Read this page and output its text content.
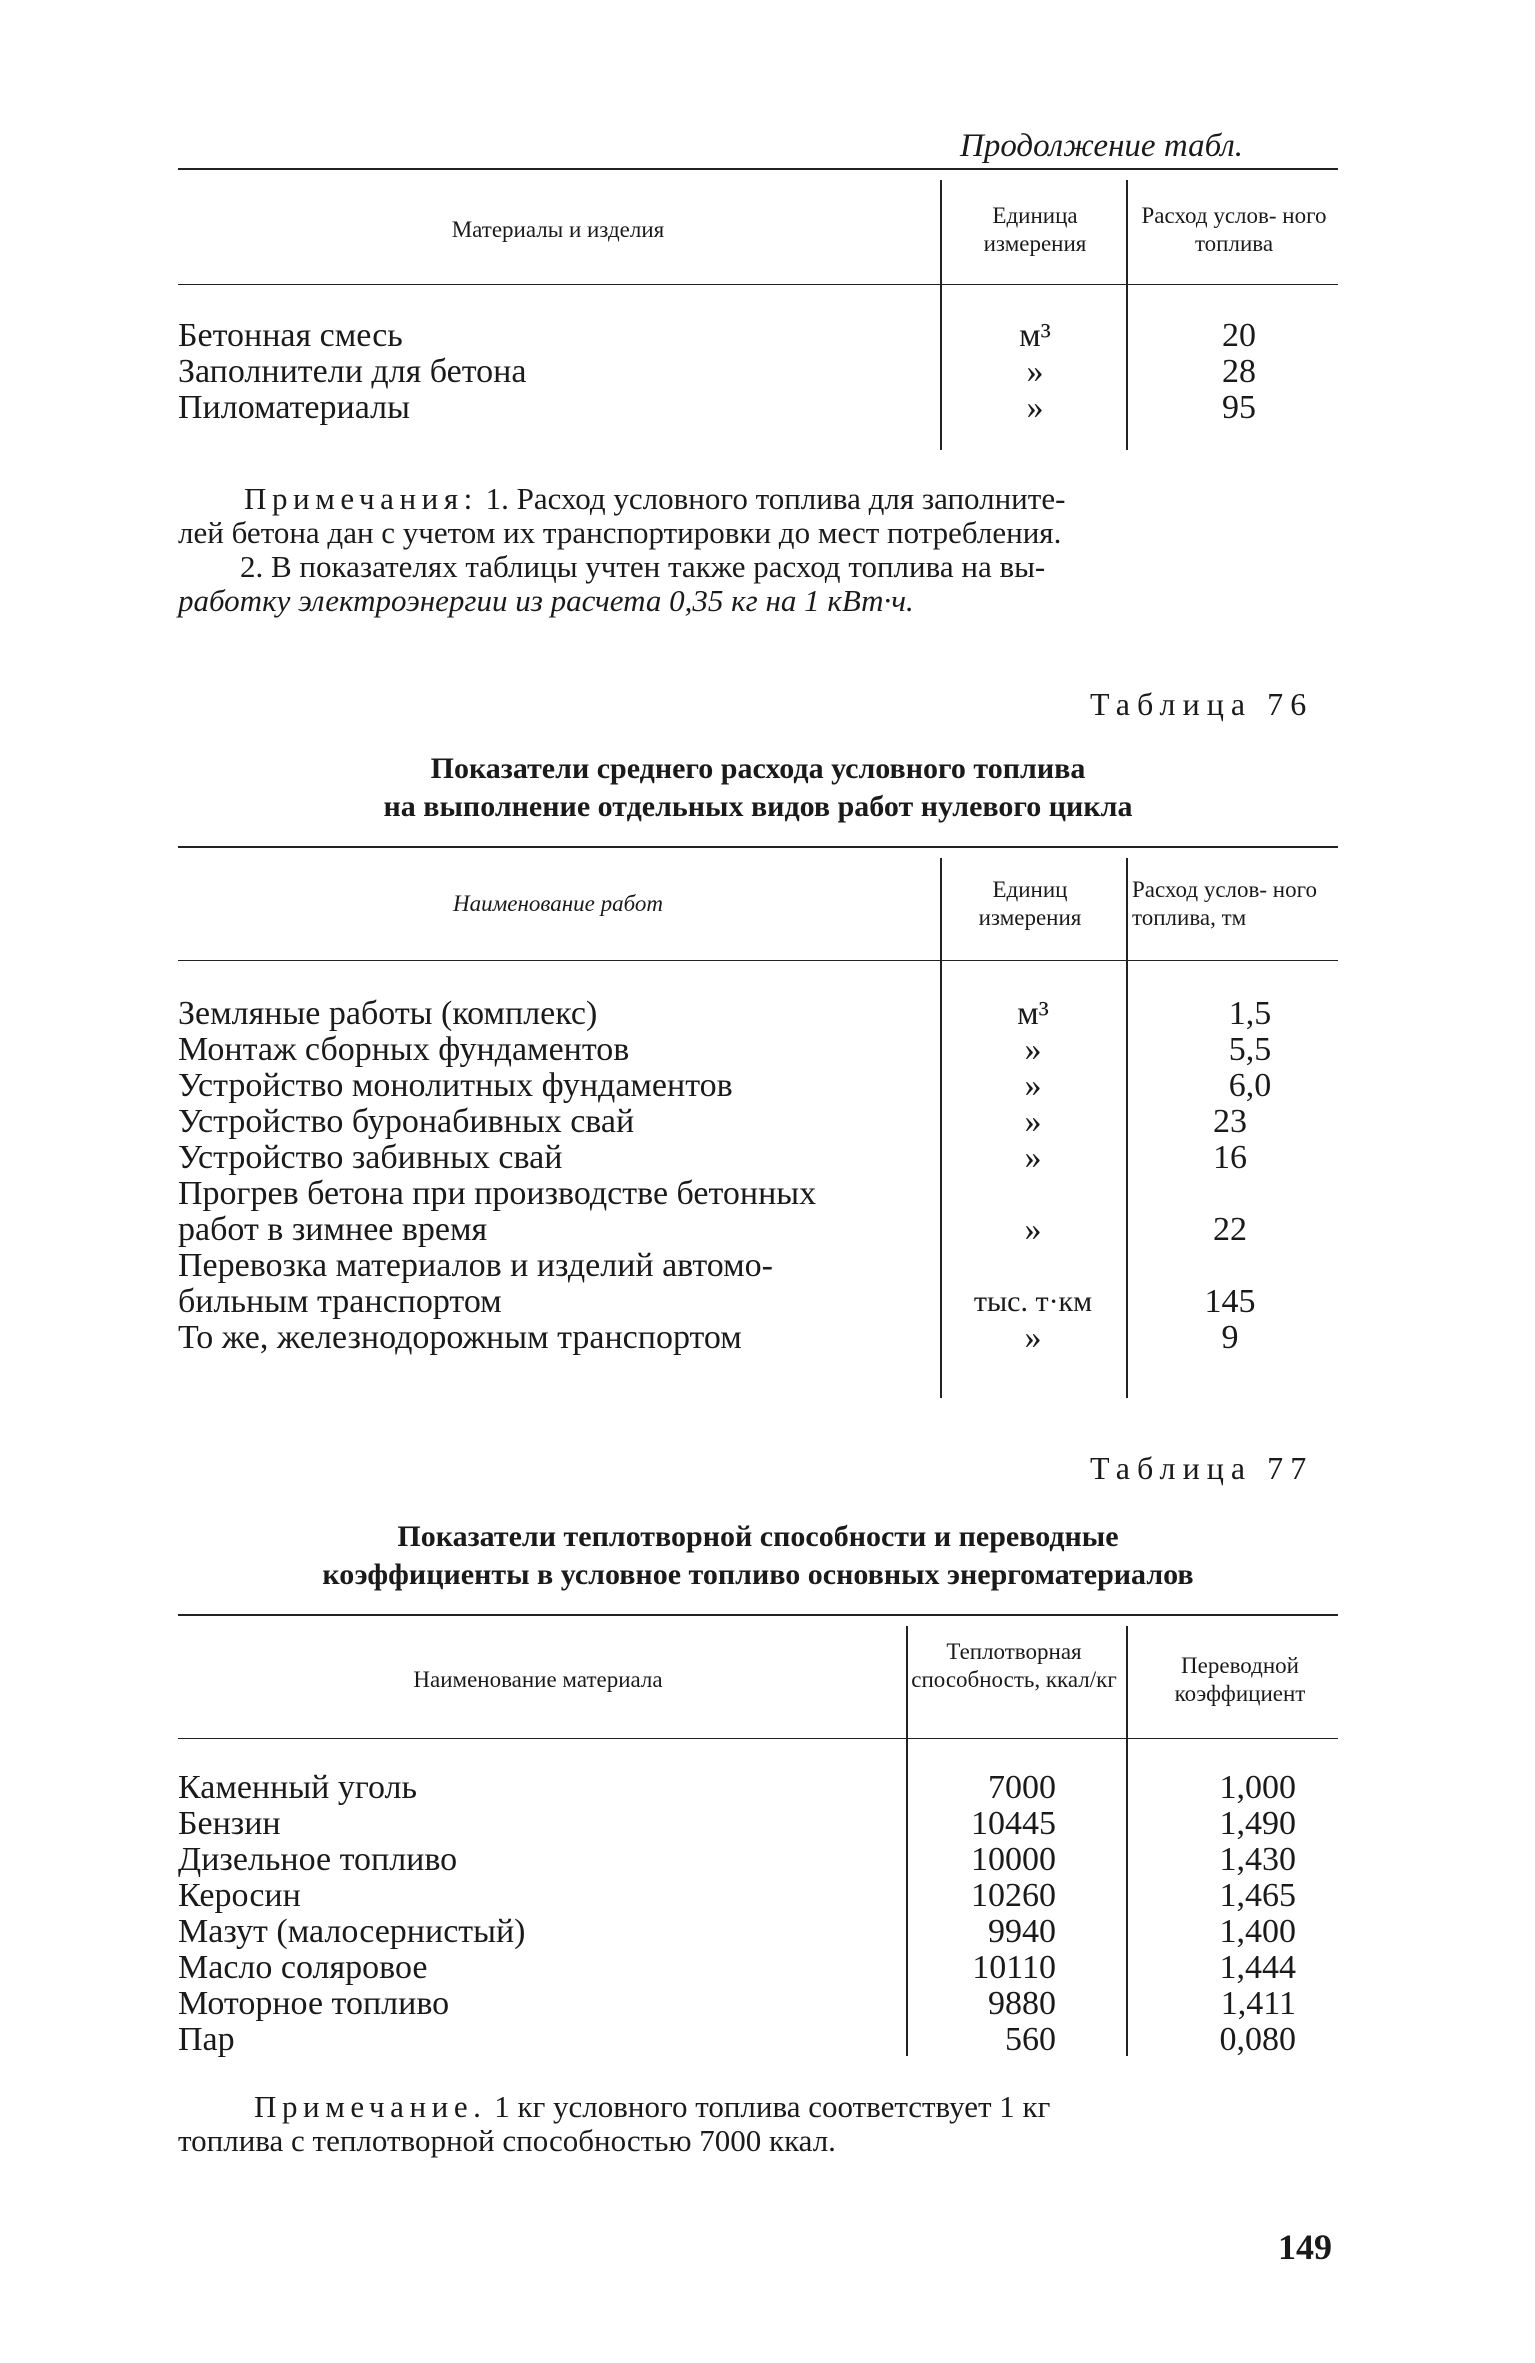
Продолжение табл.
Материалы и изделия
Единица измерения
Расход услов- ного топлива
Бетонная смесь
Заполнители для бетона
Пиломатериалы
м³
»
»
20
28
95
Примечания: 1. Расход условного топлива для заполните-
лей бетона дан с учетом их транспортировки до мест потребления.
2. В показателях таблицы учтен также расход топлива на вы-
работку электроэнергии из расчета 0,35 кг на 1 кВт·ч.
Таблица 76
Показатели среднего расхода условного топлива
на выполнение отдельных видов работ нулевого цикла
Наименование работ
Единиц измерения
Расход услов- ного топлива, тм
Земляные работы (комплекс)
Монтаж сборных фундаментов
Устройство монолитных фундаментов
Устройство буронабивных свай
Устройство забивных свай
Прогрев бетона при производстве бетонных
работ в зимнее время
Перевозка материалов и изделий автомо-
бильным транспортом
То же, железнодорожным транспортом
м³
»
»
»
»
»
тыс. т·км
»
1,5
5,5
6,0
23
16
22
145
9
Таблица 77
Показатели теплотворной способности и переводные
коэффициенты в условное топливо основных энергоматериалов
Наименование материала
Теплотворная способность, ккал/кг
Переводной коэффициент
Каменный уголь
Бензин
Дизельное топливо
Керосин
Мазут (малосернистый)
Масло соляровое
Моторное топливо
Пар
7000
10445
10000
10260
9940
10110
9880
560
1,000
1,490
1,430
1,465
1,400
1,444
1,411
0,080
Примечание. 1 кг условного топлива соответствует 1 кг
топлива с теплотворной способностью 7000 ккал.
149
